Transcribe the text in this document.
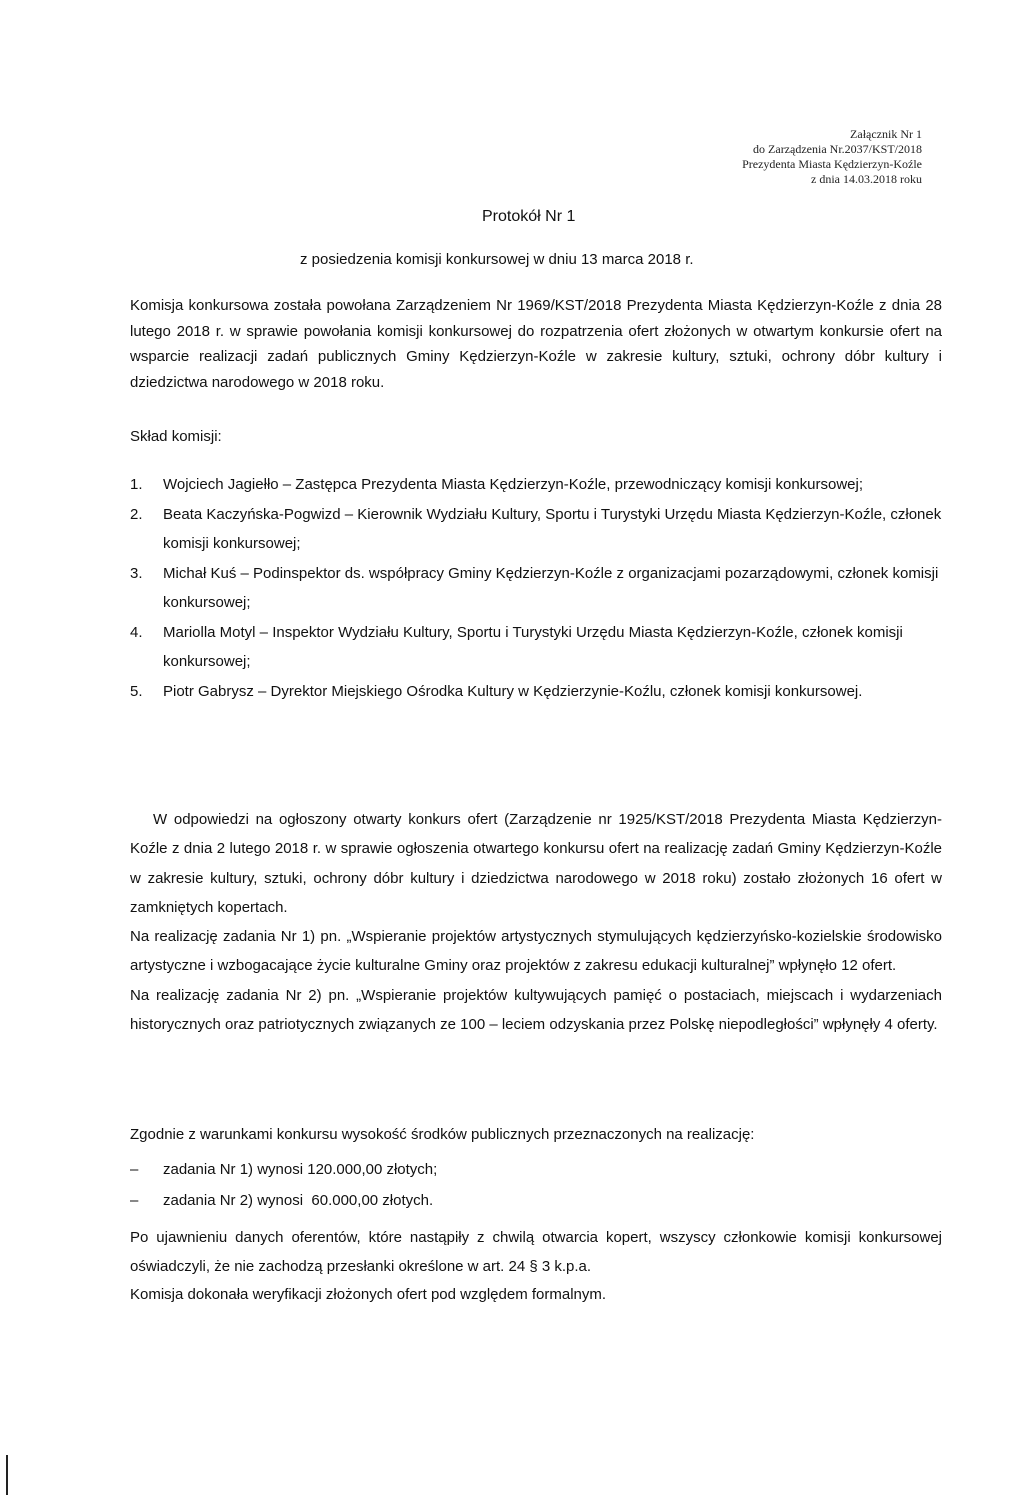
Załącznik Nr 1
do Zarządzenia Nr.2037/KST/2018
Prezydenta Miasta Kędzierzyn-Koźle
z dnia 14.03.2018 roku
Protokół Nr 1
z posiedzenia komisji konkursowej w dniu 13 marca 2018 r.
Komisja konkursowa została powołana Zarządzeniem Nr 1969/KST/2018 Prezydenta Miasta Kędzierzyn-Koźle z dnia 28 lutego 2018 r. w sprawie powołania komisji konkursowej do rozpatrzenia ofert złożonych w otwartym konkursie ofert na wsparcie realizacji zadań publicznych Gminy Kędzierzyn-Koźle w zakresie kultury, sztuki, ochrony dóbr kultury i dziedzictwa narodowego w 2018 roku.
Skład komisji:
1. Wojciech Jagiełło – Zastępca Prezydenta Miasta Kędzierzyn-Koźle, przewodniczący komisji konkursowej;
2. Beata Kaczyńska-Pogwizd – Kierownik Wydziału Kultury, Sportu i Turystyki Urzędu Miasta Kędzierzyn-Koźle, członek komisji konkursowej;
3. Michał Kuś – Podinspektor ds. współpracy Gminy Kędzierzyn-Koźle z organizacjami pozarządowymi, członek komisji konkursowej;
4. Mariolla Motyl – Inspektor Wydziału Kultury, Sportu i Turystyki Urzędu Miasta Kędzierzyn-Koźle, członek komisji konkursowej;
5. Piotr Gabrysz – Dyrektor Miejskiego Ośrodka Kultury w Kędzierzynie-Koźlu, członek komisji konkursowej.
W odpowiedzi na ogłoszony otwarty konkurs ofert (Zarządzenie nr 1925/KST/2018 Prezydenta Miasta Kędzierzyn-Koźle z dnia 2 lutego 2018 r. w sprawie ogłoszenia otwartego konkursu ofert na realizację zadań Gminy Kędzierzyn-Koźle w zakresie kultury, sztuki, ochrony dóbr kultury i dziedzictwa narodowego w 2018 roku) zostało złożonych 16 ofert w zamkniętych kopertach.
Na realizację zadania Nr 1) pn. „Wspieranie projektów artystycznych stymulujących kędzierzyńsko-kozielskie środowisko artystyczne i wzbogacające życie kulturalne Gminy oraz projektów z zakresu edukacji kulturalnej” wpłynęło 12 ofert.
Na realizację zadania Nr 2) pn. „Wspieranie projektów kultywujących pamięć o postaciach, miejscach i wydarzeniach historycznych oraz patriotycznych związanych ze 100 – leciem odzyskania przez Polskę niepodległości” wpłynęły 4 oferty.
Zgodnie z warunkami konkursu wysokość środków publicznych przeznaczonych na realizację:
– zadania Nr 1) wynosi 120.000,00 złotych;
– zadania Nr 2) wynosi  60.000,00 złotych.
Po ujawnieniu danych oferentów, które nastąpiły z chwilą otwarcia kopert, wszyscy członkowie komisji konkursowej oświadczyli, że nie zachodzą przesłanki określone w art. 24 § 3 k.p.a.
Komisja dokonała weryfikacji złożonych ofert pod względem formalnym.
